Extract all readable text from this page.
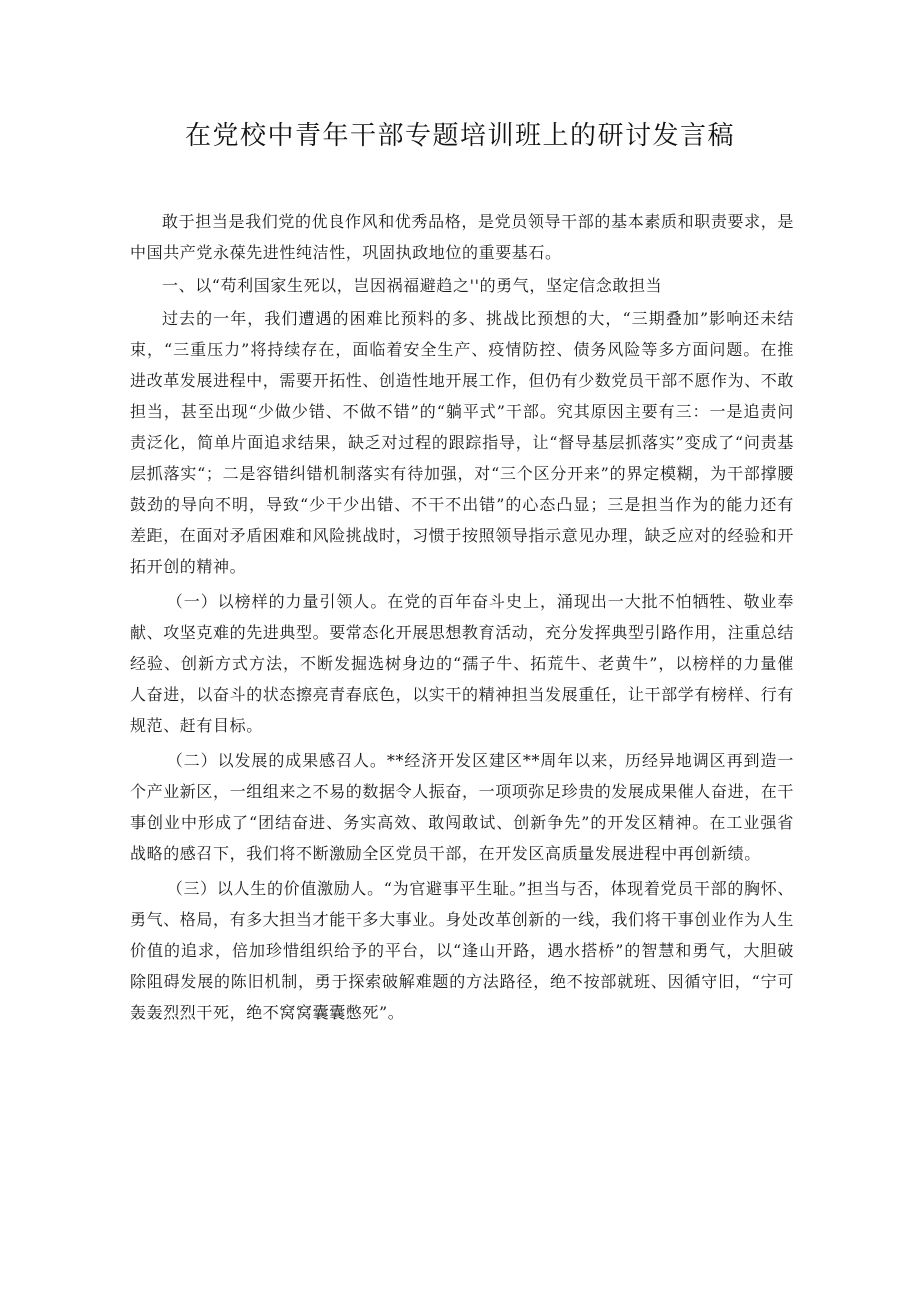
在党校中青年干部专题培训班上的研讨发言稿

敢于担当是我们党的优良作风和优秀品格，是党员领导干部的基本素质和职责要求，是中国共产党永葆先进性纯洁性，巩固执政地位的重要基石。

一、以“苟利国家生死以，岂因祸福避趋之''的勇气，坚定信念敢担当

过去的一年，我们遭遇的困难比预料的多、挑战比预想的大，“三期叠加”影响还未结束，“三重压力”将持续存在，面临着安全生产、疫情防控、债务风险等多方面问题。在推进改革发展进程中，需要开拓性、创造性地开展工作，但仍有少数党员干部不愿作为、不敢担当，甚至出现“少做少错、不做不错”的“躺平式”干部。究其原因主要有三：一是追责问责泛化，简单片面追求结果，缺乏对过程的跟踪指导，让“督导基层抓落实”变成了“问责基层抓落实“；二是容错纠错机制落实有待加强，对“三个区分开来”的界定模糊，为干部撑腰鼓劲的导向不明，导致“少干少出错、不干不出错”的心态凸显；三是担当作为的能力还有差距，在面对矛盾困难和风险挑战时，习惯于按照领导指示意见办理，缺乏应对的经验和开拓开创的精神。

（一）以榜样的力量引领人。在党的百年奋斗史上，涌现出一大批不怕牺牲、敬业奉献、攻坚克难的先进典型。要常态化开展思想教育活动，充分发挥典型引路作用，注重总结经验、创新方式方法，不断发掘选树身边的“孺子牛、拓荒牛、老黄牛”，以榜样的力量催人奋进，以奋斗的状态擦亮青春底色，以实干的精神担当发展重任，让干部学有榜样、行有规范、赶有目标。

（二）以发展的成果感召人。**经济开发区建区**周年以来，历经异地调区再到造一个产业新区，一组组来之不易的数据令人振奋，一项项弥足珍贵的发展成果催人奋进，在干事创业中形成了“团结奋进、务实高效、敢闯敢试、创新争先”的开发区精神。在工业强省战略的感召下，我们将不断激励全区党员干部，在开发区高质量发展进程中再创新绩。

（三）以人生的价值激励人。“为官避事平生耻。”担当与否，体现着党员干部的胸怀、勇气、格局，有多大担当才能干多大事业。身处改革创新的一线，我们将干事创业作为人生价值的追求，倍加珍惜组织给予的平台，以“逢山开路，遇水搭桥”的智慧和勇气，大胆破除阻碍发展的陈旧机制，勇于探索破解难题的方法路径，绝不按部就班、因循守旧，“宁可轰轰烈烈干死，绝不窝窝囊囊憋死”。
